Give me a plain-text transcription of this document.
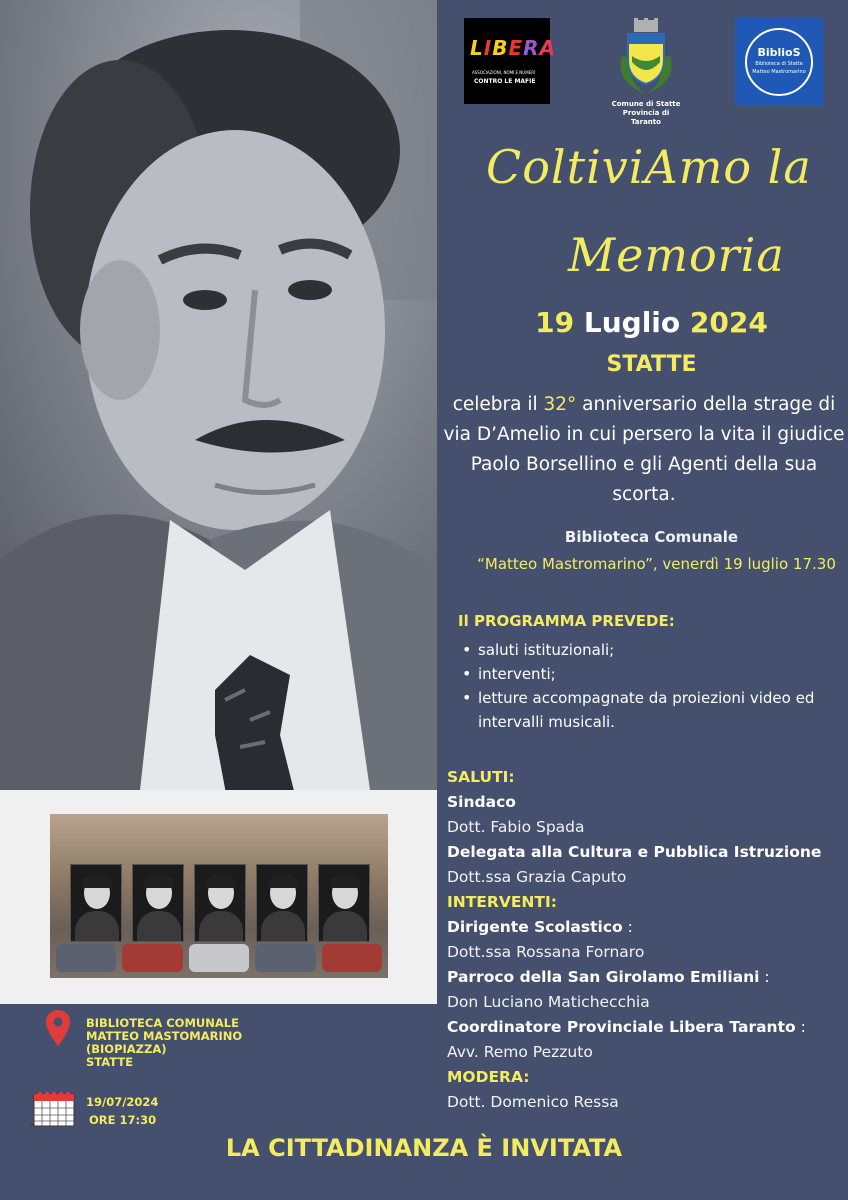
LIBERA
ASSOCIAZIONI, NOMI E NUMERI
CONTRO LE MAFIE
Comune di Statte
Provincia di Taranto
BiblioS
Biblioteca di Statte
Matteo Mastromarino
ColtiviAmo la
Memoria
19 Luglio 2024
STATTE
celebra il 32° anniversario della strage di via D’Amelio in cui persero la vita il giudice Paolo Borsellino e gli Agenti della sua scorta.
Biblioteca Comunale
“Matteo Mastromarino”, venerdì 19 luglio 17.30
Il PROGRAMMA PREVEDE:
• saluti istituzionali;
• interventi;
• letture accompagnate da proiezioni video ed intervalli musicali.
SALUTI:
Sindaco
Dott. Fabio Spada
Delegata alla Cultura e Pubblica Istruzione
Dott.ssa Grazia Caputo
INTERVENTI:
Dirigente Scolastico :
Dott.ssa Rossana Fornaro
Parroco della San Girolamo Emiliani :
Don Luciano Matichecchia
Coordinatore Provinciale Libera Taranto :
Avv. Remo Pezzuto
MODERA:
Dott. Domenico Ressa
BIBLIOTECA COMUNALE
MATTEO MASTOMARINO
(BIOPIAZZA)
STATTE
19/07/2024
ORE 17:30
LA CITTADINANZA È INVITATA
